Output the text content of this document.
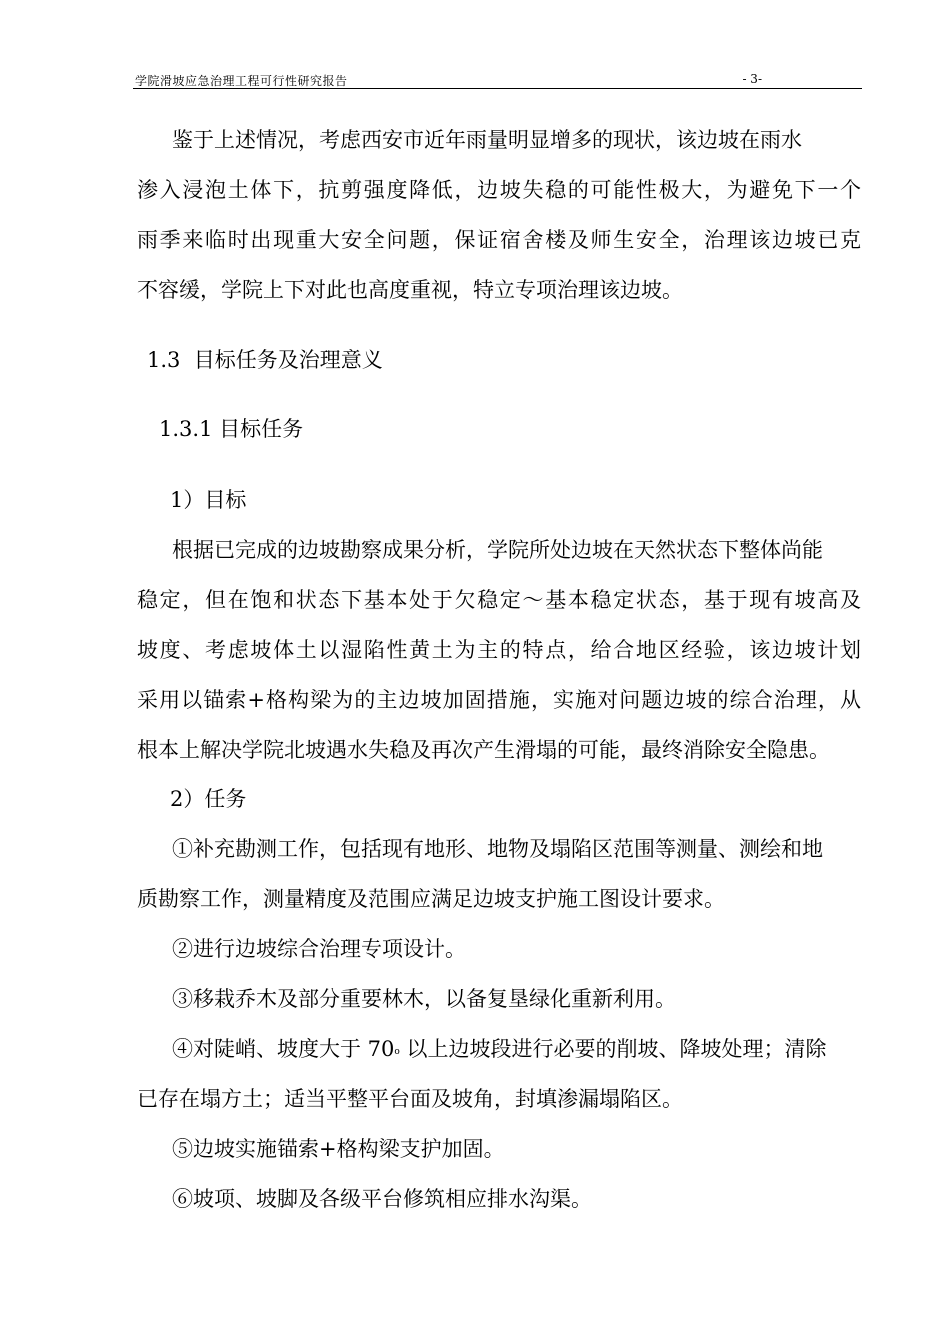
学院滑坡应急治理工程可行性研究报告	- 3-
鉴于上述情况，考虑西安市近年雨量明显增多的现状，该边坡在雨水
渗入浸泡土体下，抗剪强度降低，边坡失稳的可能性极大，为避免下一个
雨季来临时出现重大安全问题，保证宿舍楼及师生安全，治理该边坡已克
不容缓，学院上下对此也高度重视，特立专项治理该边坡。
1.3  目标任务及治理意义
1.3.1 目标任务
1）目标
根据已完成的边坡勘察成果分析，学院所处边坡在天然状态下整体尚能
稳定，但在饱和状态下基本处于欠稳定～基本稳定状态，基于现有坡高及
坡度、考虑坡体土以湿陷性黄土为主的特点，给合地区经验，该边坡计划
采用以锚索+格构梁为的主边坡加固措施，实施对问题边坡的综合治理，从
根本上解决学院北坡遇水失稳及再次产生滑塌的可能，最终消除安全隐患。
2）任务
①补充勘测工作，包括现有地形、地物及塌陷区范围等测量、测绘和地
质勘察工作，测量精度及范围应满足边坡支护施工图设计要求。
②进行边坡综合治理专项设计。
③移栽乔木及部分重要林木，以备复垦绿化重新利用。
④对陡峭、坡度大于 70$^o$ 以上边坡段进行必要的削坡、降坡处理；清除
已存在塌方土；适当平整平台面及坡角，封填渗漏塌陷区。
⑤边坡实施锚索+格构梁支护加固。
⑥坡项、坡脚及各级平台修筑相应排水沟渠。
